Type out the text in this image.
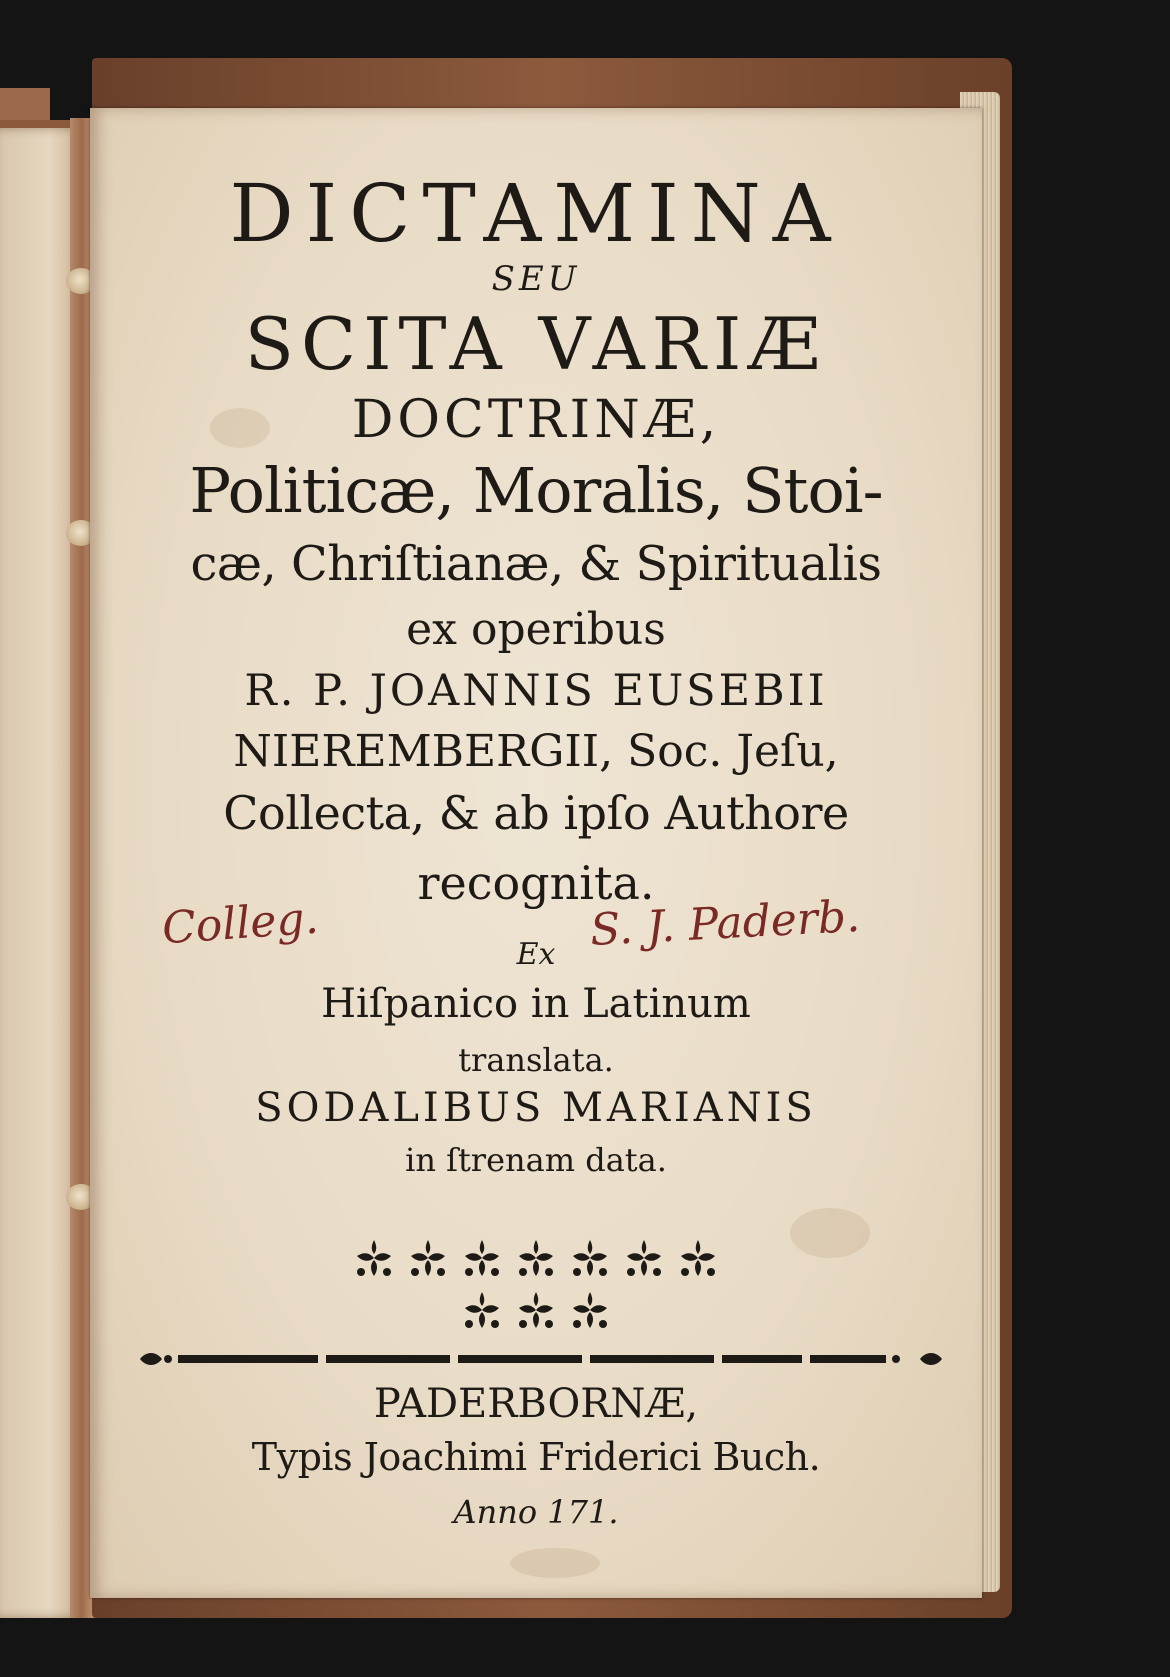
DICTAMINA
SEU
SCITA VARIÆ
DOCTRINÆ,
Politicæ, Moralis, Stoi-
cæ, Chriſtianæ, & Spiritualis
ex operibus
R. P. JOANNIS EUSEBII
NIEREMBERGII, Soc. Jeſu,
Collecta, & ab ipſo Authore
recognita.
Ex
Hiſpanico in Latinum
translata.
SODALIBUS MARIANIS
in ſtrenam data.
PADERBORNÆ,
Typis Joachimi Friderici Buch.
Anno 171.
Colleg.	S. J. Paderb.
